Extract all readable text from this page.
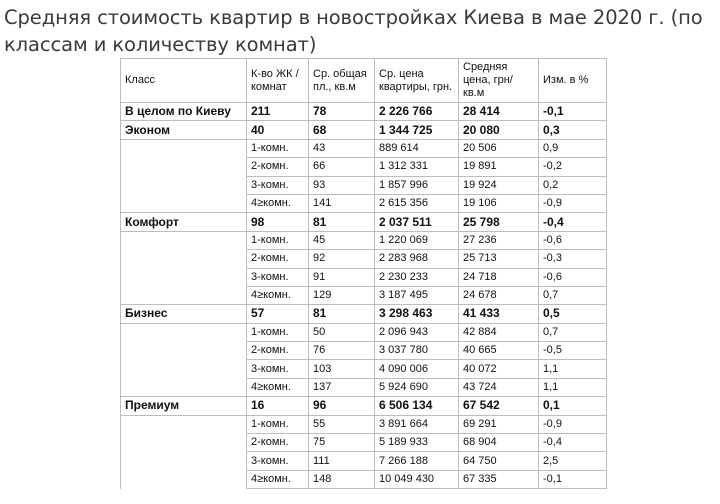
Средняя стоимость квартир в новостройках Киева в мае 2020 г. (по классам и количеству комнат)
Класс	К-во ЖК / комнат	Ср. общая пл., кв.м	Ср. цена квартиры, грн.	Средняя цена, грн/ кв.м	Изм. в %
В целом по Киеву	211	78	2 226 766	28 414	-0,1
Эконом	40	68	1 344 725	20 080	0,3
	1-комн.	43	889 614	20 506	0,9
	2-комн.	66	1 312 331	19 891	-0,2
	3-комн.	93	1 857 996	19 924	0,2
	4≥комн.	141	2 615 356	19 106	-0,9
Комфорт	98	81	2 037 511	25 798	-0,4
	1-комн.	45	1 220 069	27 236	-0,6
	2-комн.	92	2 283 968	25 713	-0,3
	3-комн.	91	2 230 233	24 718	-0,6
	4≥комн.	129	3 187 495	24 678	0,7
Бизнес	57	81	3 298 463	41 433	0,5
	1-комн.	50	2 096 943	42 884	0,7
	2-комн.	76	3 037 780	40 665	-0,5
	3-комн.	103	4 090 006	40 072	1,1
	4≥комн.	137	5 924 690	43 724	1,1
Премиум	16	96	6 506 134	67 542	0,1
	1-комн.	55	3 891 664	69 291	-0,9
	2-комн.	75	5 189 933	68 904	-0,4
	3-комн.	111	7 266 188	64 750	2,5
	4≥комн.	148	10 049 430	67 335	-0,1
